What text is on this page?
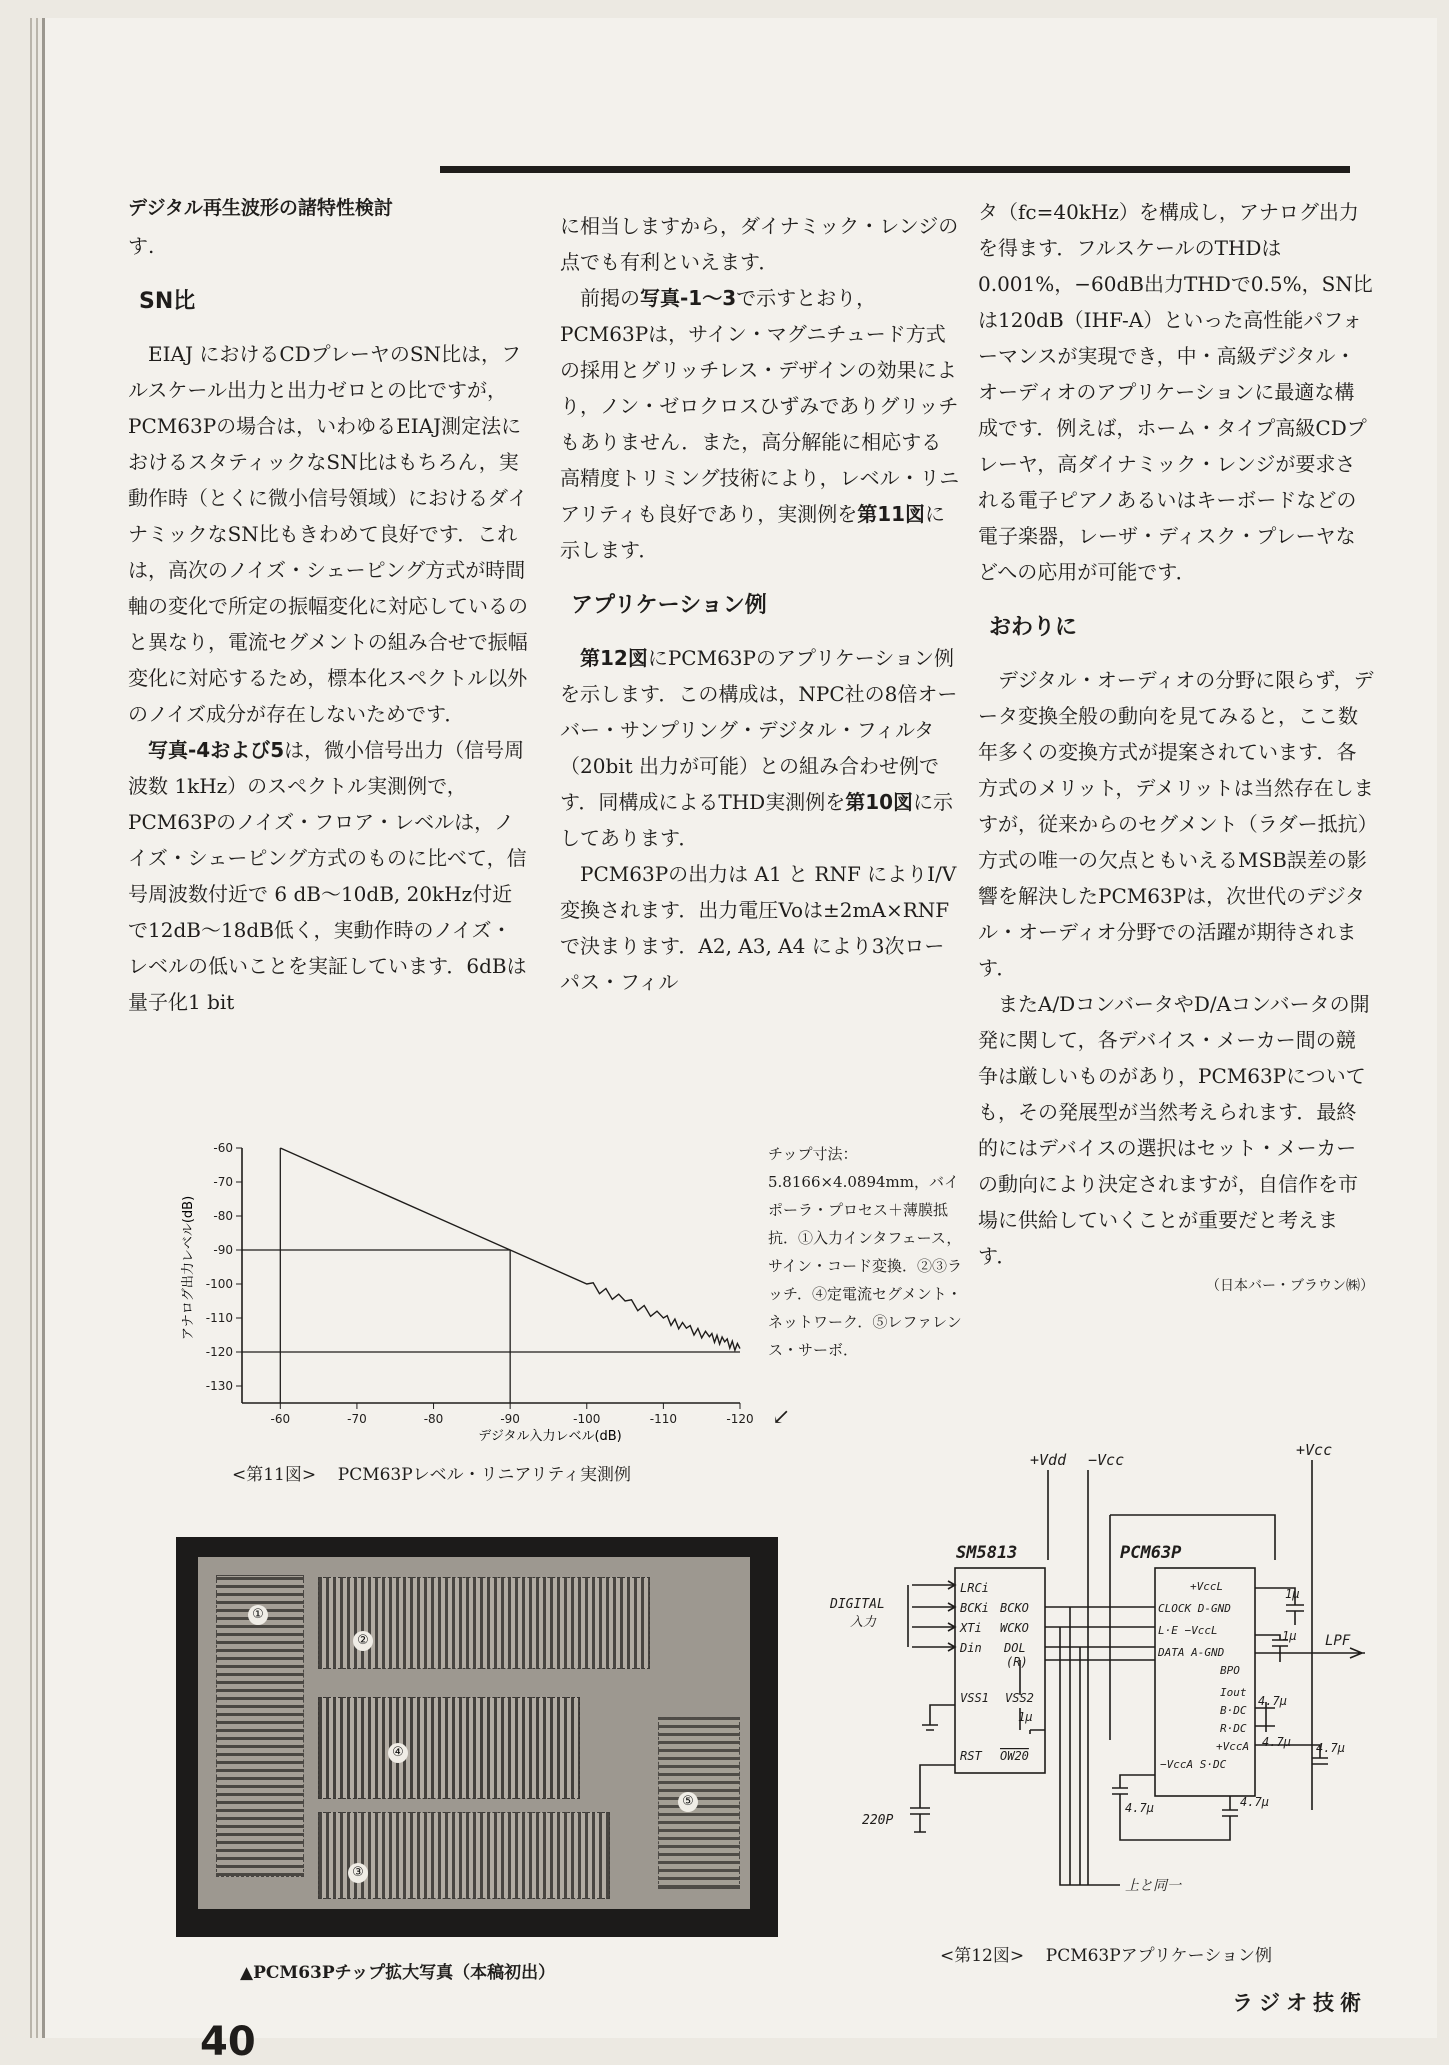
デジタル再生波形の諸特性検討

す.

SN比

EIAJ におけるCDプレーヤのSN比は，フルスケール出力と出力ゼロとの比ですが，PCM63Pの場合は，いわゆるEIAJ測定法におけるスタティックなSN比はもちろん，実動作時（とくに微小信号領域）におけるダイナミックなSN比もきわめて良好です．これは，高次のノイズ・シェーピング方式が時間軸の変化で所定の振幅変化に対応しているのと異なり，電流セグメントの組み合せで振幅変化に対応するため，標本化スペクトル以外のノイズ成分が存在しないためです．

写真-4および5は，微小信号出力（信号周波数 1kHz）のスペクトル実測例で，PCM63Pのノイズ・フロア・レベルは，ノイズ・シェーピング方式のものに比べて，信号周波数付近で 6 dB～10dB, 20kHz付近で12dB～18dB低く，実動作時のノイズ・レベルの低いことを実証しています．6dBは量子化1 bit

に相当しますから，ダイナミック・レンジの点でも有利といえます．

前掲の写真-1～3で示すとおり，PCM63Pは，サイン・マグニチュード方式の採用とグリッチレス・デザインの効果により，ノン・ゼロクロスひずみでありグリッチもありません．また，高分解能に相応する高精度トリミング技術により，レベル・リニアリティも良好であり，実測例を第11図に示します．

アプリケーション例

第12図にPCM63Pのアプリケーション例を示します．この構成は，NPC社の8倍オーバー・サンプリング・デジタル・フィルタ（20bit 出力が可能）との組み合わせ例です．同構成によるTHD実測例を第10図に示してあります．

PCM63Pの出力は A1 と RNF によりI/V変換されます．出力電圧Voは±2mA×RNFで決まります．A2, A3, A4 により3次ローパス・フィル

タ（fc=40kHz）を構成し，アナログ出力を得ます．フルスケールのTHDは 0.001%，−60dB出力THDで0.5%，SN比は120dB（IHF-A）といった高性能パフォーマンスが実現でき，中・高級デジタル・オーディオのアプリケーションに最適な構成です．例えば，ホーム・タイプ高級CDプレーヤ，高ダイナミック・レンジが要求される電子ピアノあるいはキーボードなどの電子楽器，レーザ・ディスク・プレーヤなどへの応用が可能です．

おわりに

デジタル・オーディオの分野に限らず，データ変換全般の動向を見てみると，ここ数年多くの変換方式が提案されています．各方式のメリット，デメリットは当然存在しますが，従来からのセグメント（ラダー抵抗）方式の唯一の欠点ともいえるMSB誤差の影響を解決したPCM63Pは，次世代のデジタル・オーディオ分野での活躍が期待されます．

またA/DコンバータやD/Aコンバータの開発に関して，各デバイス・メーカー間の競争は厳しいものがあり，PCM63Pについても，その発展型が当然考えられます．最終的にはデバイスの選択はセット・メーカーの動向により決定されますが，自信作を市場に供給していくことが重要だと考えます．

（日本バー・ブラウン㈱）
-60
-70
-80
-90
-100
-110
-120
-130
-60	-70	-80	-90	-100	-110	-120
デジタル入力レベル(dB)
アナログ出力レベル(dB)
チップ寸法：5.8166×4.0894mm，バイポーラ・プロセス＋薄膜抵抗．①入力インタフェース，サイン・コード変換．②③ラッチ．④定電流セグメント・ネットワーク．⑤レファレンス・サーボ．
↙
<第11図> PCM63Pレベル・リニアリティ実測例
①
②
③
④
⑤
▲PCM63Pチップ拡大写真（本稿初出）
+Vdd −Vcc
+Vcc
SM5813
LRCi
BCKi
XTi
Din
BCKO
WCKO
DOL
(R)
VSS1 VSS2
RST OW20
DIGITAL
入力
220P
PCM63P
+VccL
CLOCK D-GND
L·E −VccL
DATA A-GND
BPO
Iout
B·DC
R·DC
+VccA
−VccA S·DC
LPF
1μ
1μ
1μ
4.7μ
4.7μ 4.7μ
4.7μ	4.7μ
上と同一
<第12図> PCM63Pアプリケーション例
ラジオ技術
40
